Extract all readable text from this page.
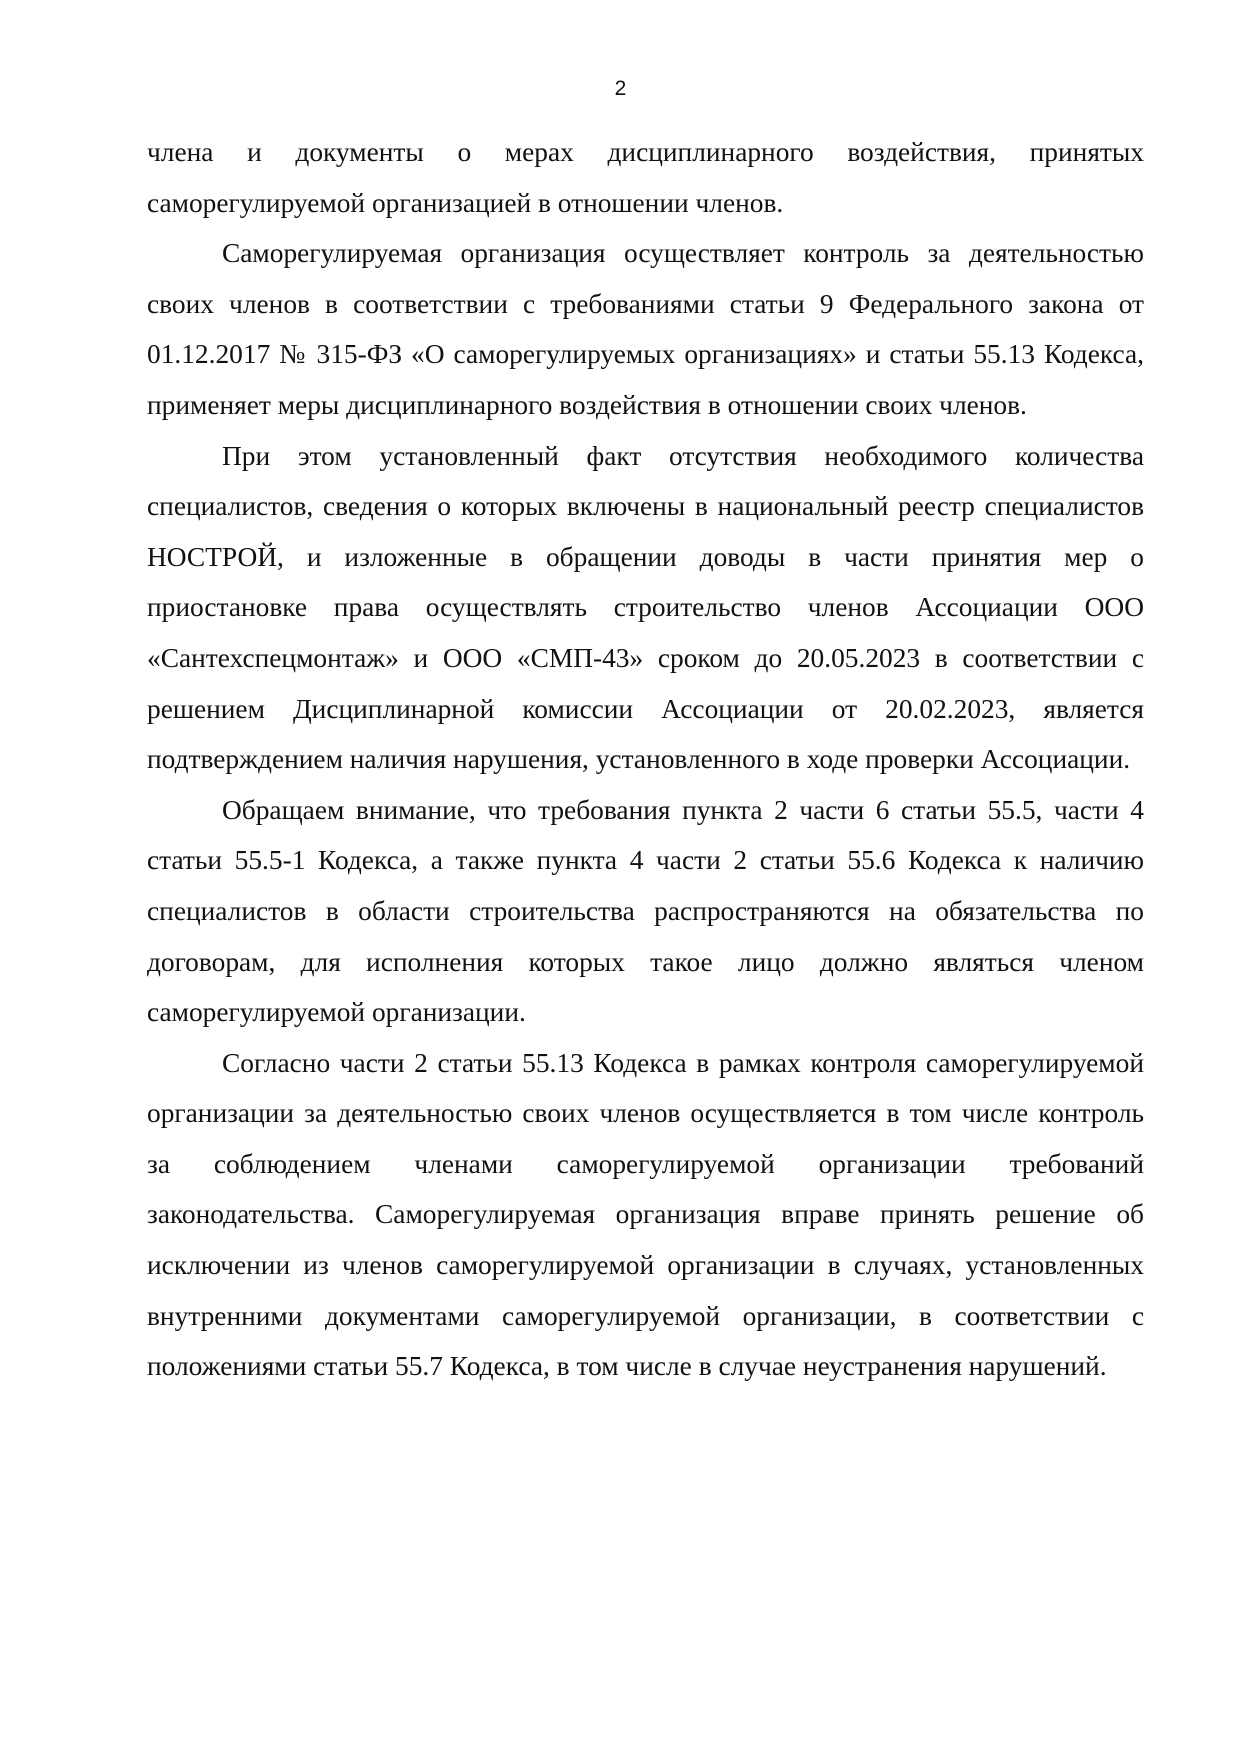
2

члена и документы о мерах дисциплинарного воздействия, принятых саморегулируемой организацией в отношении членов.

Саморегулируемая организация осуществляет контроль за деятельностью своих членов в соответствии с требованиями статьи 9 Федерального закона от 01.12.2017 № 315-ФЗ «О саморегулируемых организациях» и статьи 55.13 Кодекса, применяет меры дисциплинарного воздействия в отношении своих членов.

При этом установленный факт отсутствия необходимого количества специалистов, сведения о которых включены в национальный реестр специалистов НОСТРОЙ, и изложенные в обращении доводы в части принятия мер о приостановке права осуществлять строительство членов Ассоциации ООО «Сантехспецмонтаж» и ООО «СМП-43» сроком до 20.05.2023 в соответствии с решением Дисциплинарной комиссии Ассоциации от 20.02.2023, является подтверждением наличия нарушения, установленного в ходе проверки Ассоциации.

Обращаем внимание, что требования пункта 2 части 6 статьи 55.5, части 4 статьи 55.5-1 Кодекса, а также пункта 4 части 2 статьи 55.6 Кодекса к наличию специалистов в области строительства распространяются на обязательства по договорам, для исполнения которых такое лицо должно являться членом саморегулируемой организации.

Согласно части 2 статьи 55.13 Кодекса в рамках контроля саморегулируемой организации за деятельностью своих членов осуществляется в том числе контроль за соблюдением членами саморегулируемой организации требований законодательства. Саморегулируемая организация вправе принять решение об исключении из членов саморегулируемой организации в случаях, установленных внутренними документами саморегулируемой организации, в соответствии с положениями статьи 55.7 Кодекса, в том числе в случае неустранения нарушений.
